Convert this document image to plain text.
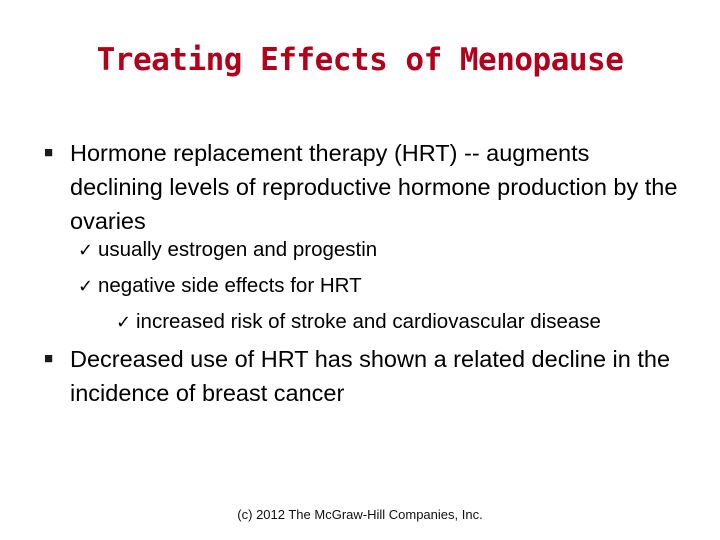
Treating Effects of Menopause
■ Hormone replacement therapy (HRT) -- augments declining levels of reproductive hormone production by the ovaries
✓ usually estrogen and progestin
✓ negative side effects for HRT
✓ increased risk of stroke and cardiovascular disease
■ Decreased use of HRT has shown a related decline in the incidence of breast cancer
(c) 2012 The McGraw-Hill Companies, Inc.
